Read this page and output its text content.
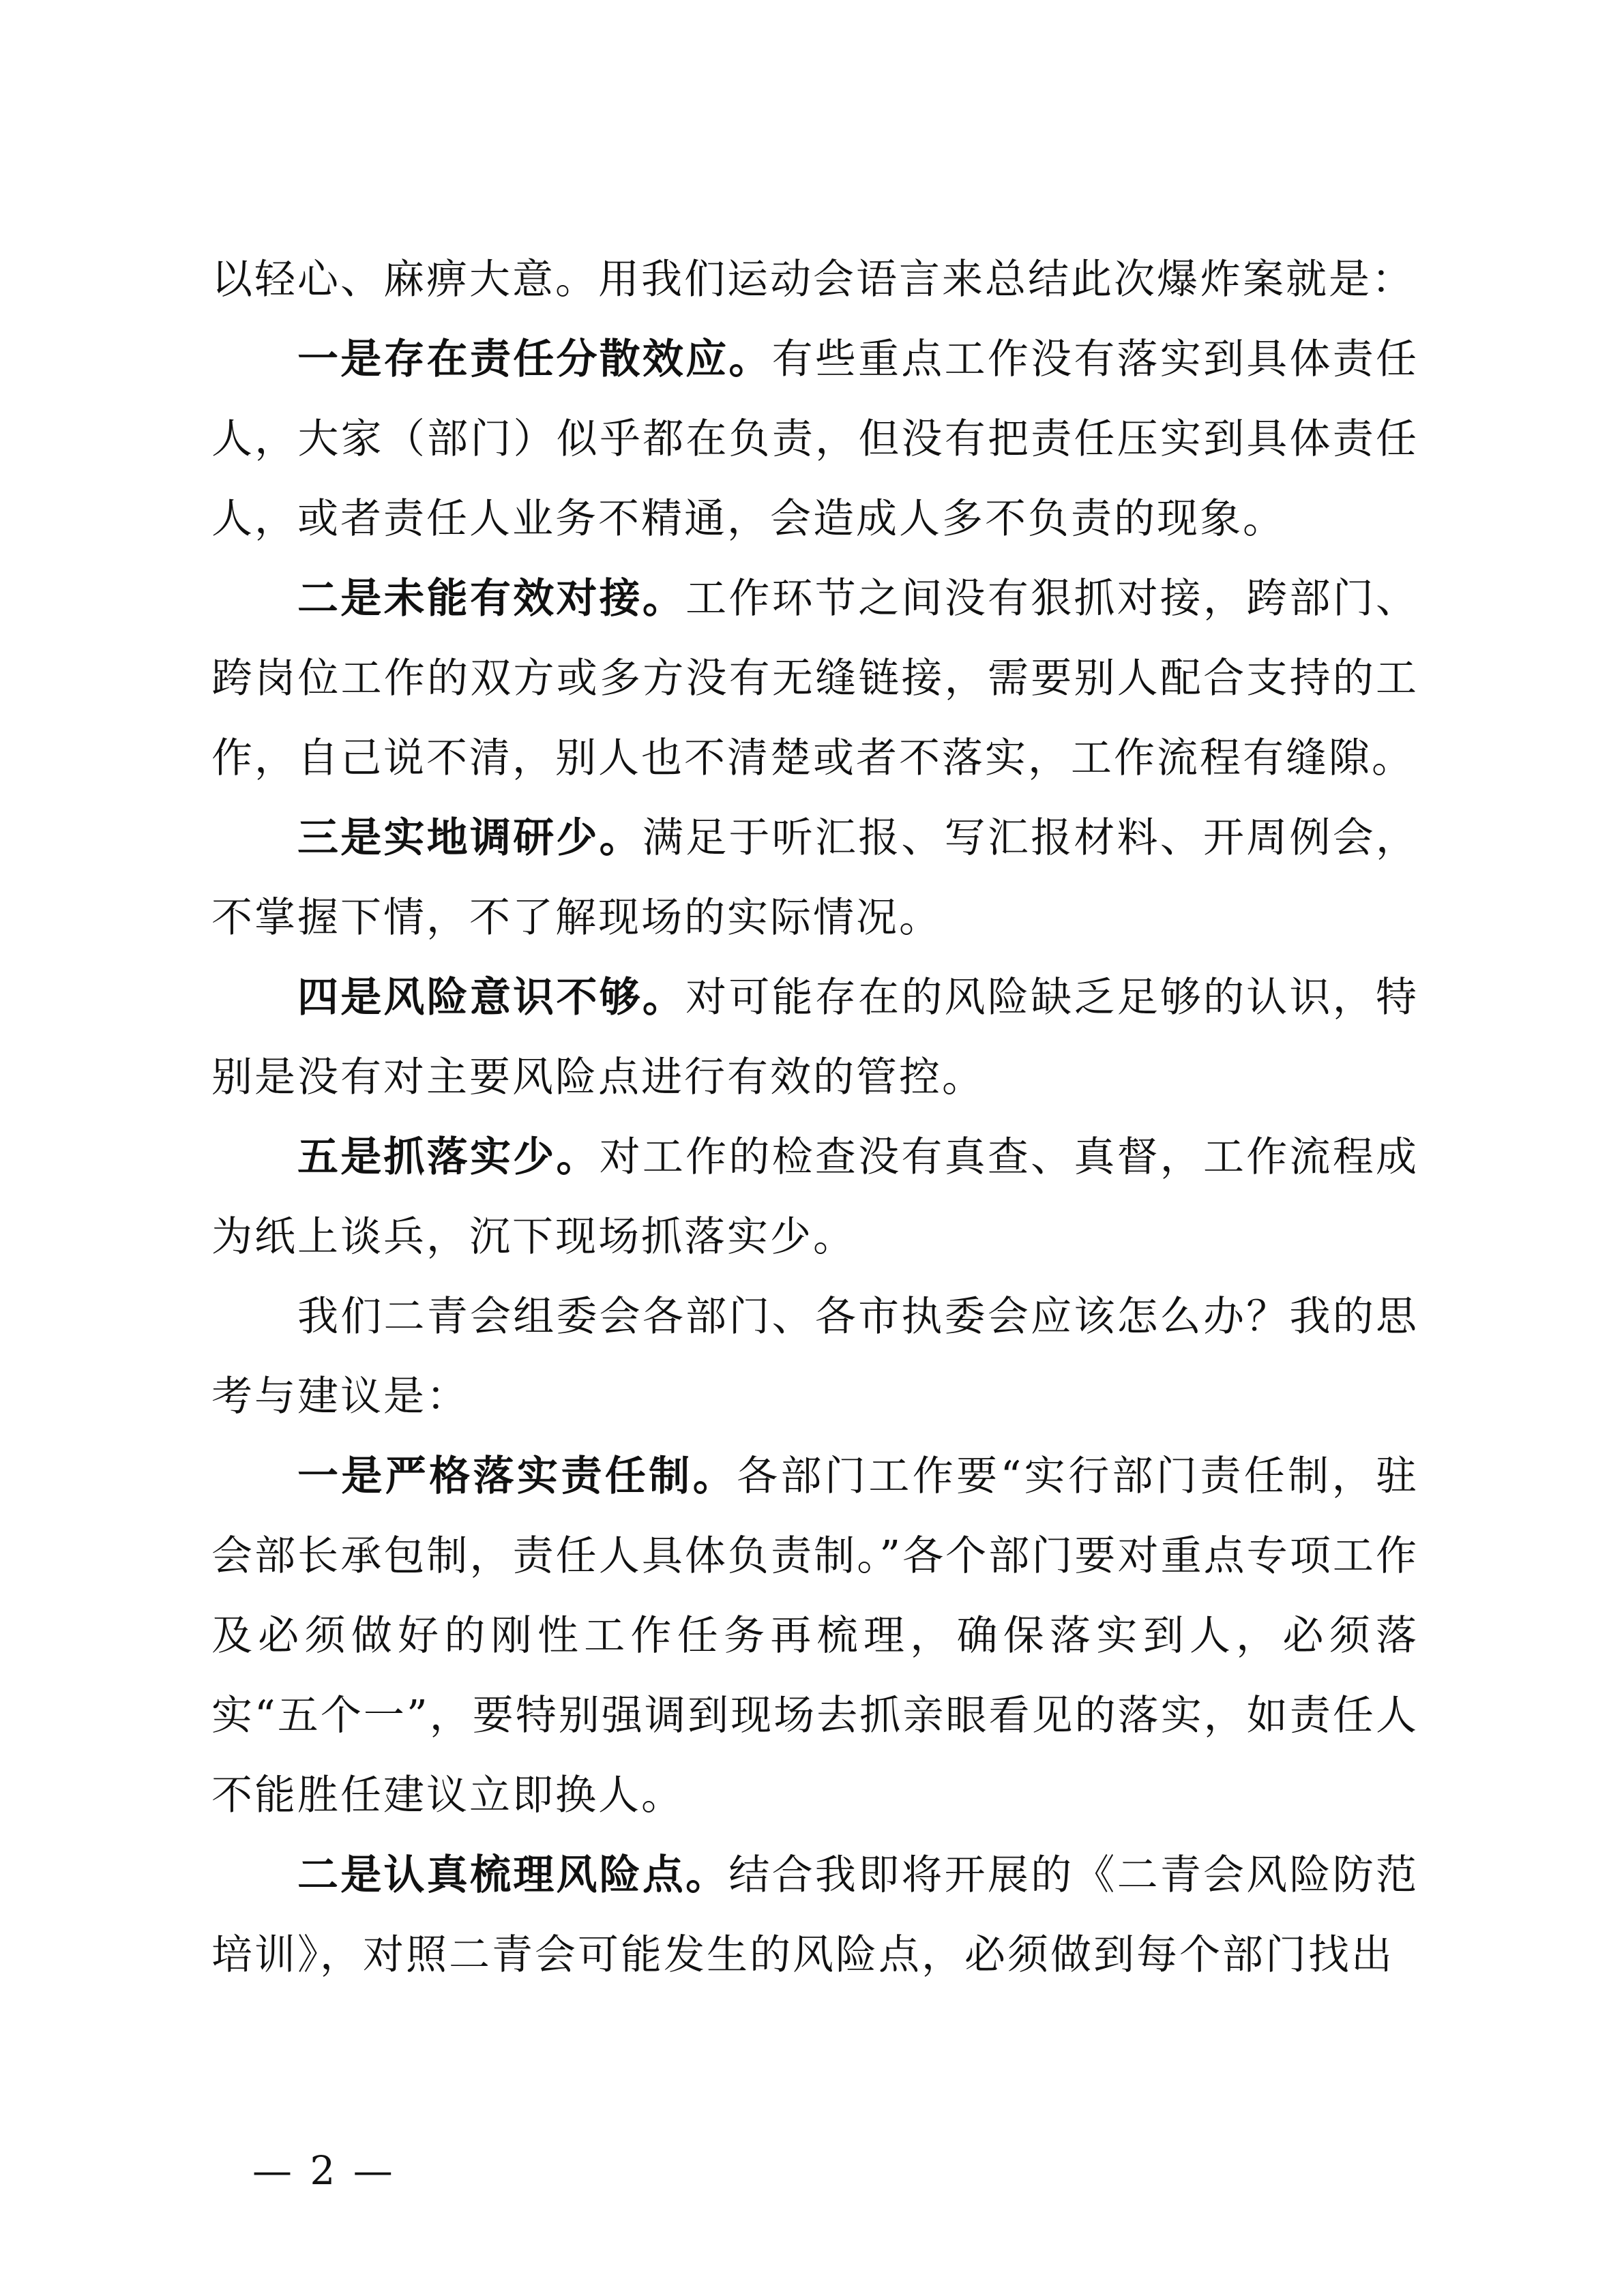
以轻心、麻痹大意。用我们运动会语言来总结此次爆炸案就是：

一是存在责任分散效应。有些重点工作没有落实到具体责任人，大家（部门）似乎都在负责，但没有把责任压实到具体责任人，或者责任人业务不精通，会造成人多不负责的现象。

二是未能有效对接。工作环节之间没有狠抓对接，跨部门、跨岗位工作的双方或多方没有无缝链接，需要别人配合支持的工作，自己说不清，别人也不清楚或者不落实，工作流程有缝隙。

三是实地调研少。满足于听汇报、写汇报材料、开周例会，不掌握下情，不了解现场的实际情况。

四是风险意识不够。对可能存在的风险缺乏足够的认识，特别是没有对主要风险点进行有效的管控。

五是抓落实少。对工作的检查没有真查、真督，工作流程成为纸上谈兵，沉下现场抓落实少。

我们二青会组委会各部门、各市执委会应该怎么办？我的思考与建议是：

一是严格落实责任制。各部门工作要“实行部门责任制，驻会部长承包制，责任人具体负责制。”各个部门要对重点专项工作及必须做好的刚性工作任务再梳理，确保落实到人，必须落实“五个一”，要特别强调到现场去抓亲眼看见的落实，如责任人不能胜任建议立即换人。

二是认真梳理风险点。结合我即将开展的《二青会风险防范培训》，对照二青会可能发生的风险点，必须做到每个部门找出

— 2 —
